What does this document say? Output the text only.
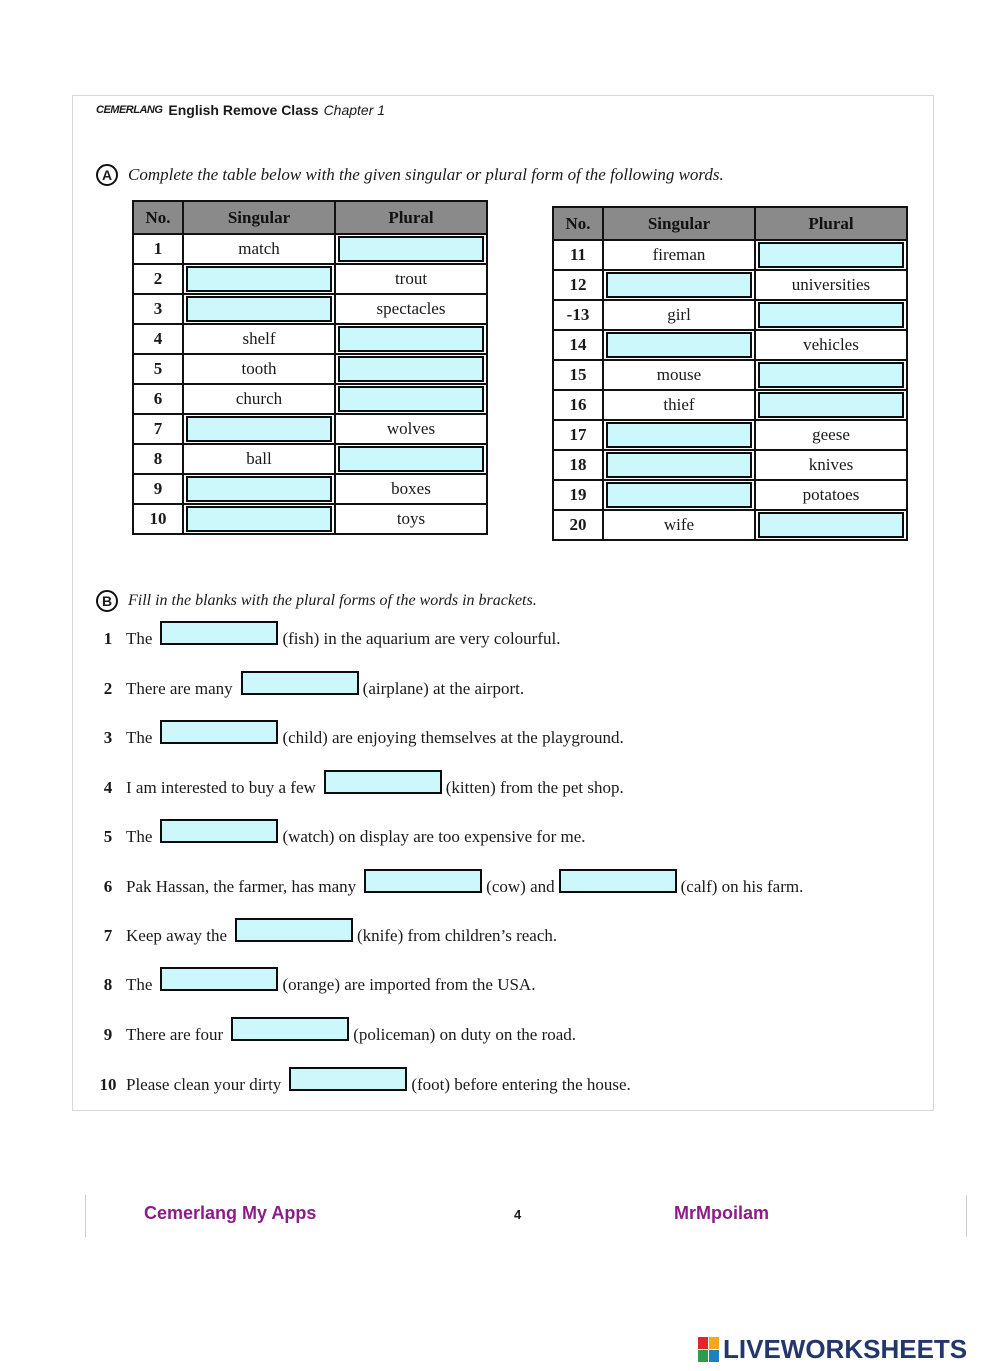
CEMERLANG English Remove Class Chapter 1
A Complete the table below with the given singular or plural form of the following words.
No.	Singular	Plural
1	match	

2		trout
3		spectacles
4	shelf	

5	tooth	

6	church	

7		wolves
8	ball	

9		boxes
10		toys
No.	Singular	Plural
11	fireman	

12		universities
-13	girl	

14		vehicles
15	mouse	

16	thief	

17		geese
18		knives
19		potatoes
20	wife	
B Fill in the blanks with the plural forms of the words in brackets.
1 The	(fish) in the aquarium are very colourful.
2 There are many	(airplane) at the airport.
3 The	(child) are enjoying themselves at the playground.
4 I am interested to buy a few	(kitten) from the pet shop.
5 The	(watch) on display are too expensive for me.
6 Pak Hassan, the farmer, has many	(cow) and	(calf) on his farm.
7 Keep away the	(knife) from children’s reach.
8 The	(orange) are imported from the USA.
9 There are four	(policeman) on duty on the road.
10 Please clean your dirty	(foot) before entering the house.
Cemerlang My Apps	4	MrMpoilam
LIVEWORKSHEETS
